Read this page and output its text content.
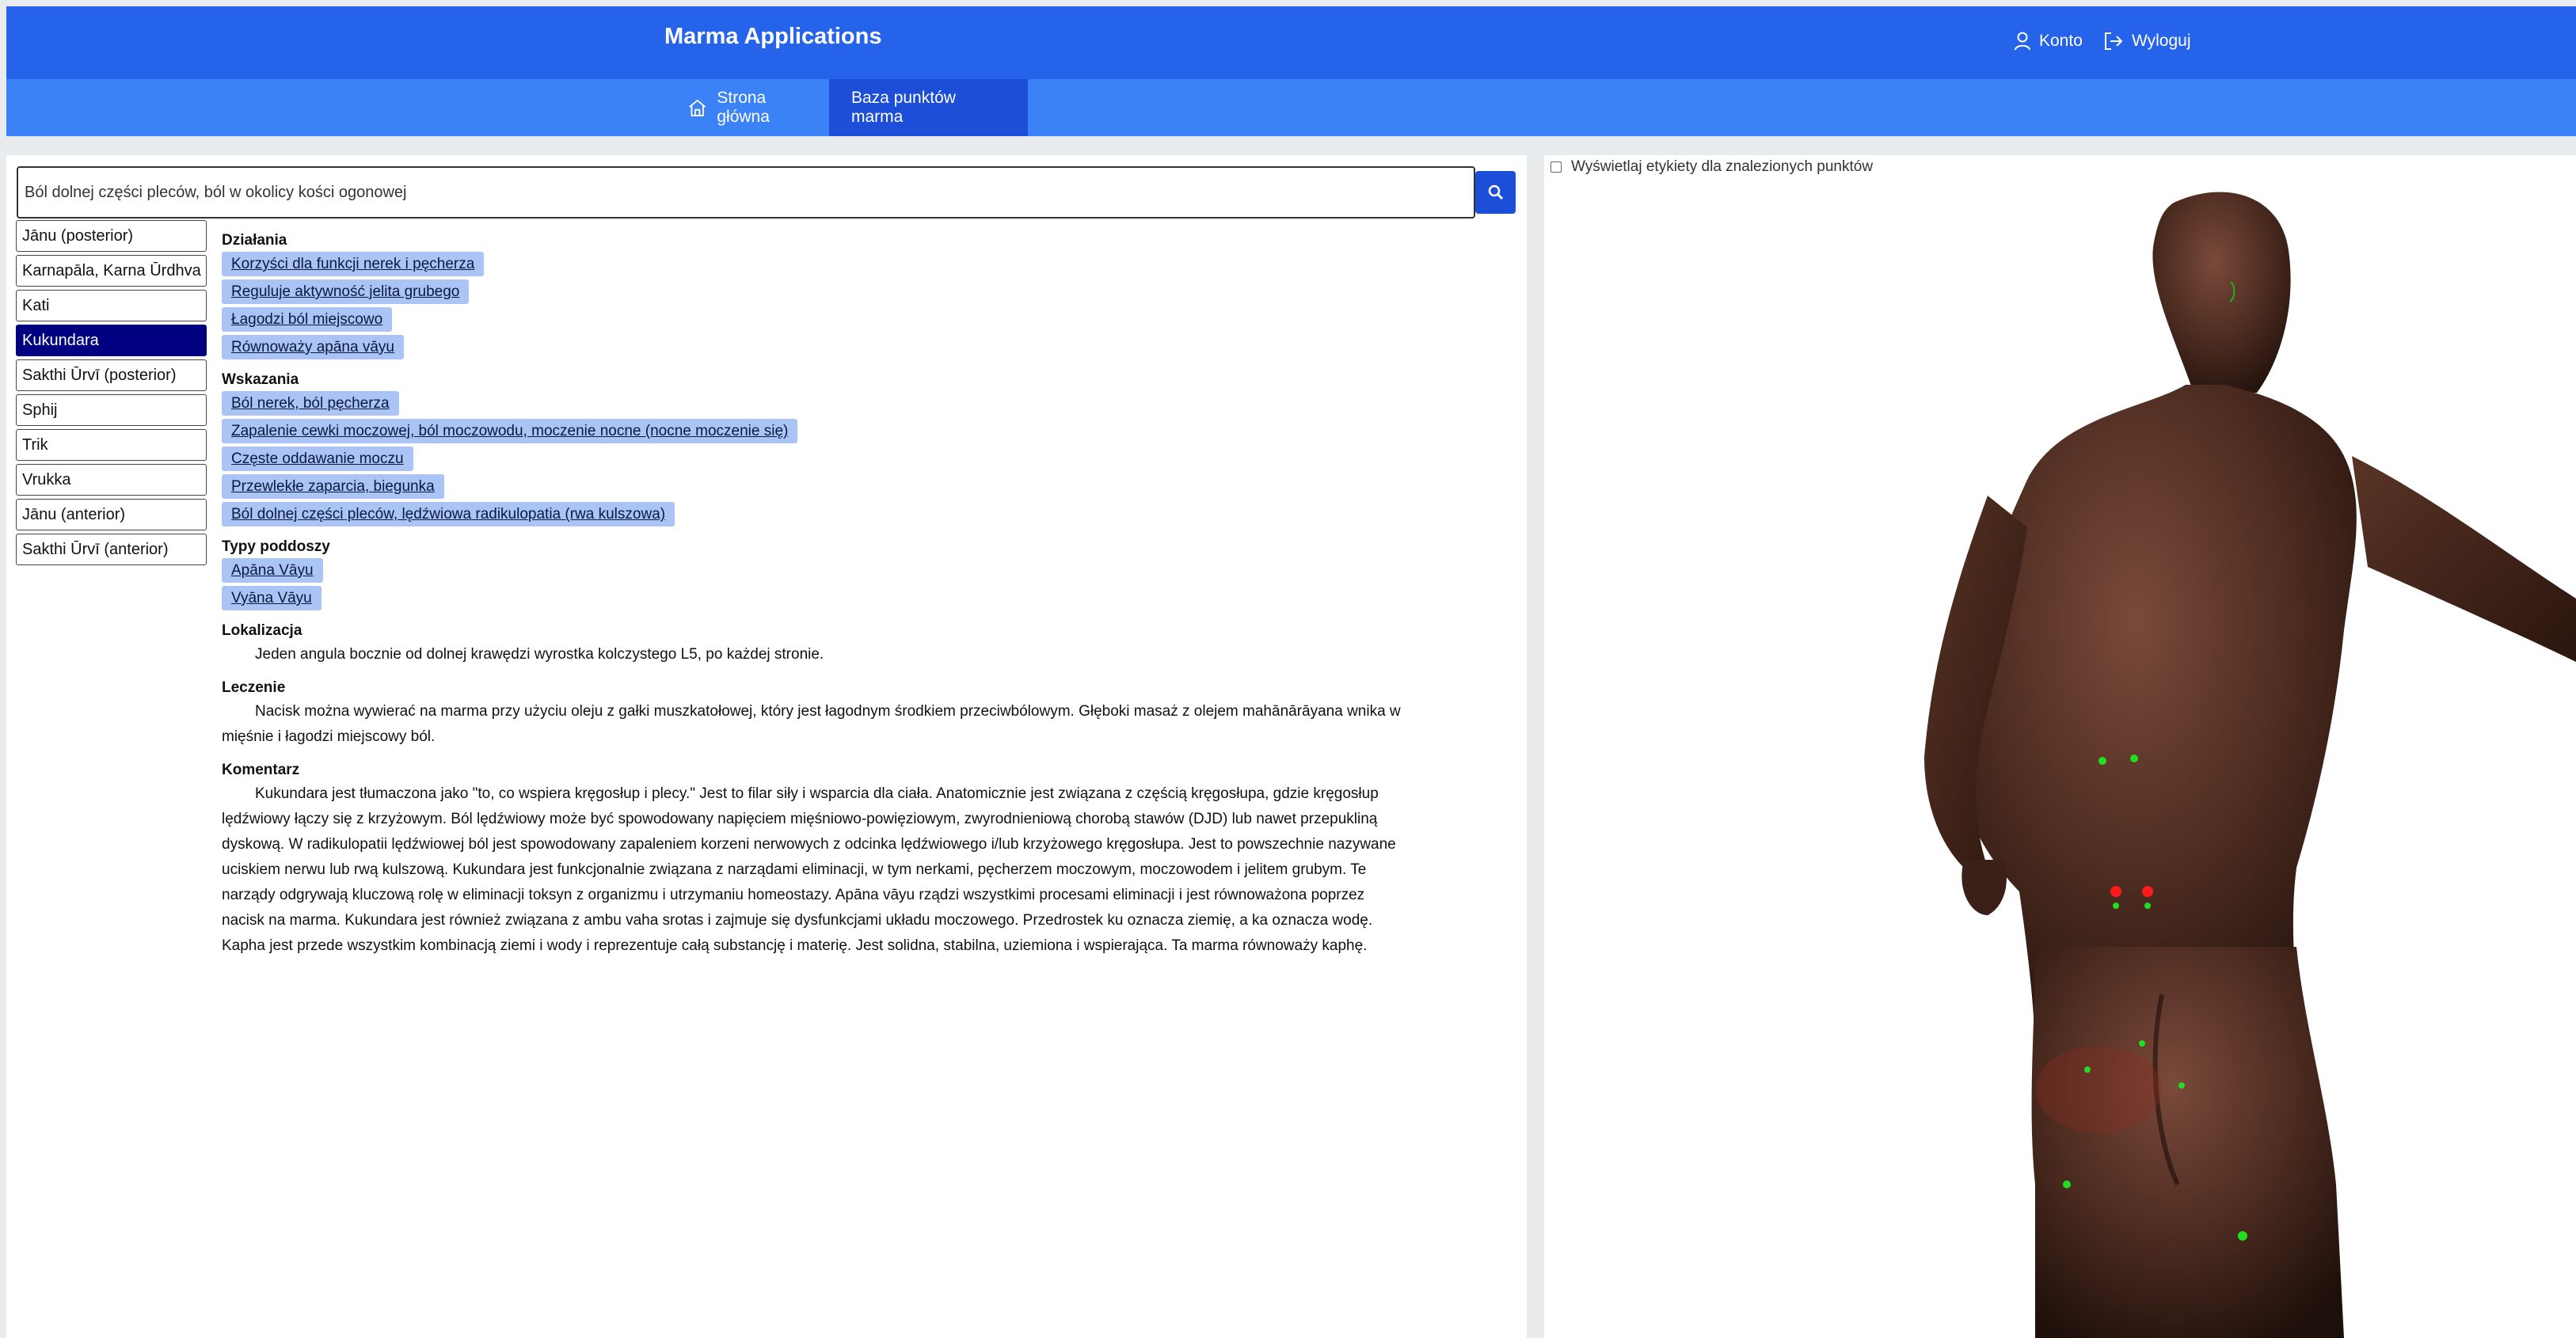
Marma Applications	Konto	Wyloguj
Strona główna
Baza punktów marma
Ból dolnej części pleców, ból w okolicy kości ogonowej
Jānu (posterior)
Karnapāla, Karna Ūrdhva
Kati
Kukundara
Sakthi Ūrvī (posterior)
Sphij
Trik
Vrukka
Jānu (anterior)
Sakthi Ūrvī (anterior)
Działania
Korzyści dla funkcji nerek i pęcherza
Reguluje aktywność jelita grubego
Łagodzi ból miejscowo
Równoważy apāna vāyu
Wskazania
Ból nerek, ból pęcherza
Zapalenie cewki moczowej, ból moczowodu, moczenie nocne (nocne moczenie się)
Częste oddawanie moczu
Przewlekłe zaparcia, biegunka
Ból dolnej części pleców, lędźwiowa radikulopatia (rwa kulszowa)
Typy poddoszy
Apāna Vāyu
Vyāna Vāyu
Lokalizacja

Jeden angula bocznie od dolnej krawędzi wyrostka kolczystego L5, po każdej stronie.

Leczenie

Nacisk można wywierać na marma przy użyciu oleju z gałki muszkatołowej, który jest łagodnym środkiem przeciwbólowym. Głęboki masaż z olejem mahānārāyana wnika w mięśnie i łagodzi miejscowy ból.

Komentarz

Kukundara jest tłumaczona jako "to, co wspiera kręgosłup i plecy." Jest to filar siły i wsparcia dla ciała. Anatomicznie jest związana z częścią kręgosłupa, gdzie kręgosłup lędźwiowy łączy się z krzyżowym. Ból lędźwiowy może być spowodowany napięciem mięśniowo-powięziowym, zwyrodnieniową chorobą stawów (DJD) lub nawet przepukliną dyskową. W radikulopatii lędźwiowej ból jest spowodowany zapaleniem korzeni nerwowych z odcinka lędźwiowego i/lub krzyżowego kręgosłupa. Jest to powszechnie nazywane uciskiem nerwu lub rwą kulszową. Kukundara jest funkcjonalnie związana z narządami eliminacji, w tym nerkami, pęcherzem moczowym, moczowodem i jelitem grubym. Te narządy odgrywają kluczową rolę w eliminacji toksyn z organizmu i utrzymaniu homeostazy. Apāna vāyu rządzi wszystkimi procesami eliminacji i jest równoważona poprzez nacisk na marma. Kukundara jest również związana z ambu vaha srotas i zajmuje się dysfunkcjami układu moczowego. Przedrostek ku oznacza ziemię, a ka oznacza wodę. Kapha jest przede wszystkim kombinacją ziemi i wody i reprezentuje całą substancję i materię. Jest solidna, stabilna, uziemiona i wspierająca. Ta marma równoważy kaphę.

Wyświetlaj etykiety dla znalezionych punktów
